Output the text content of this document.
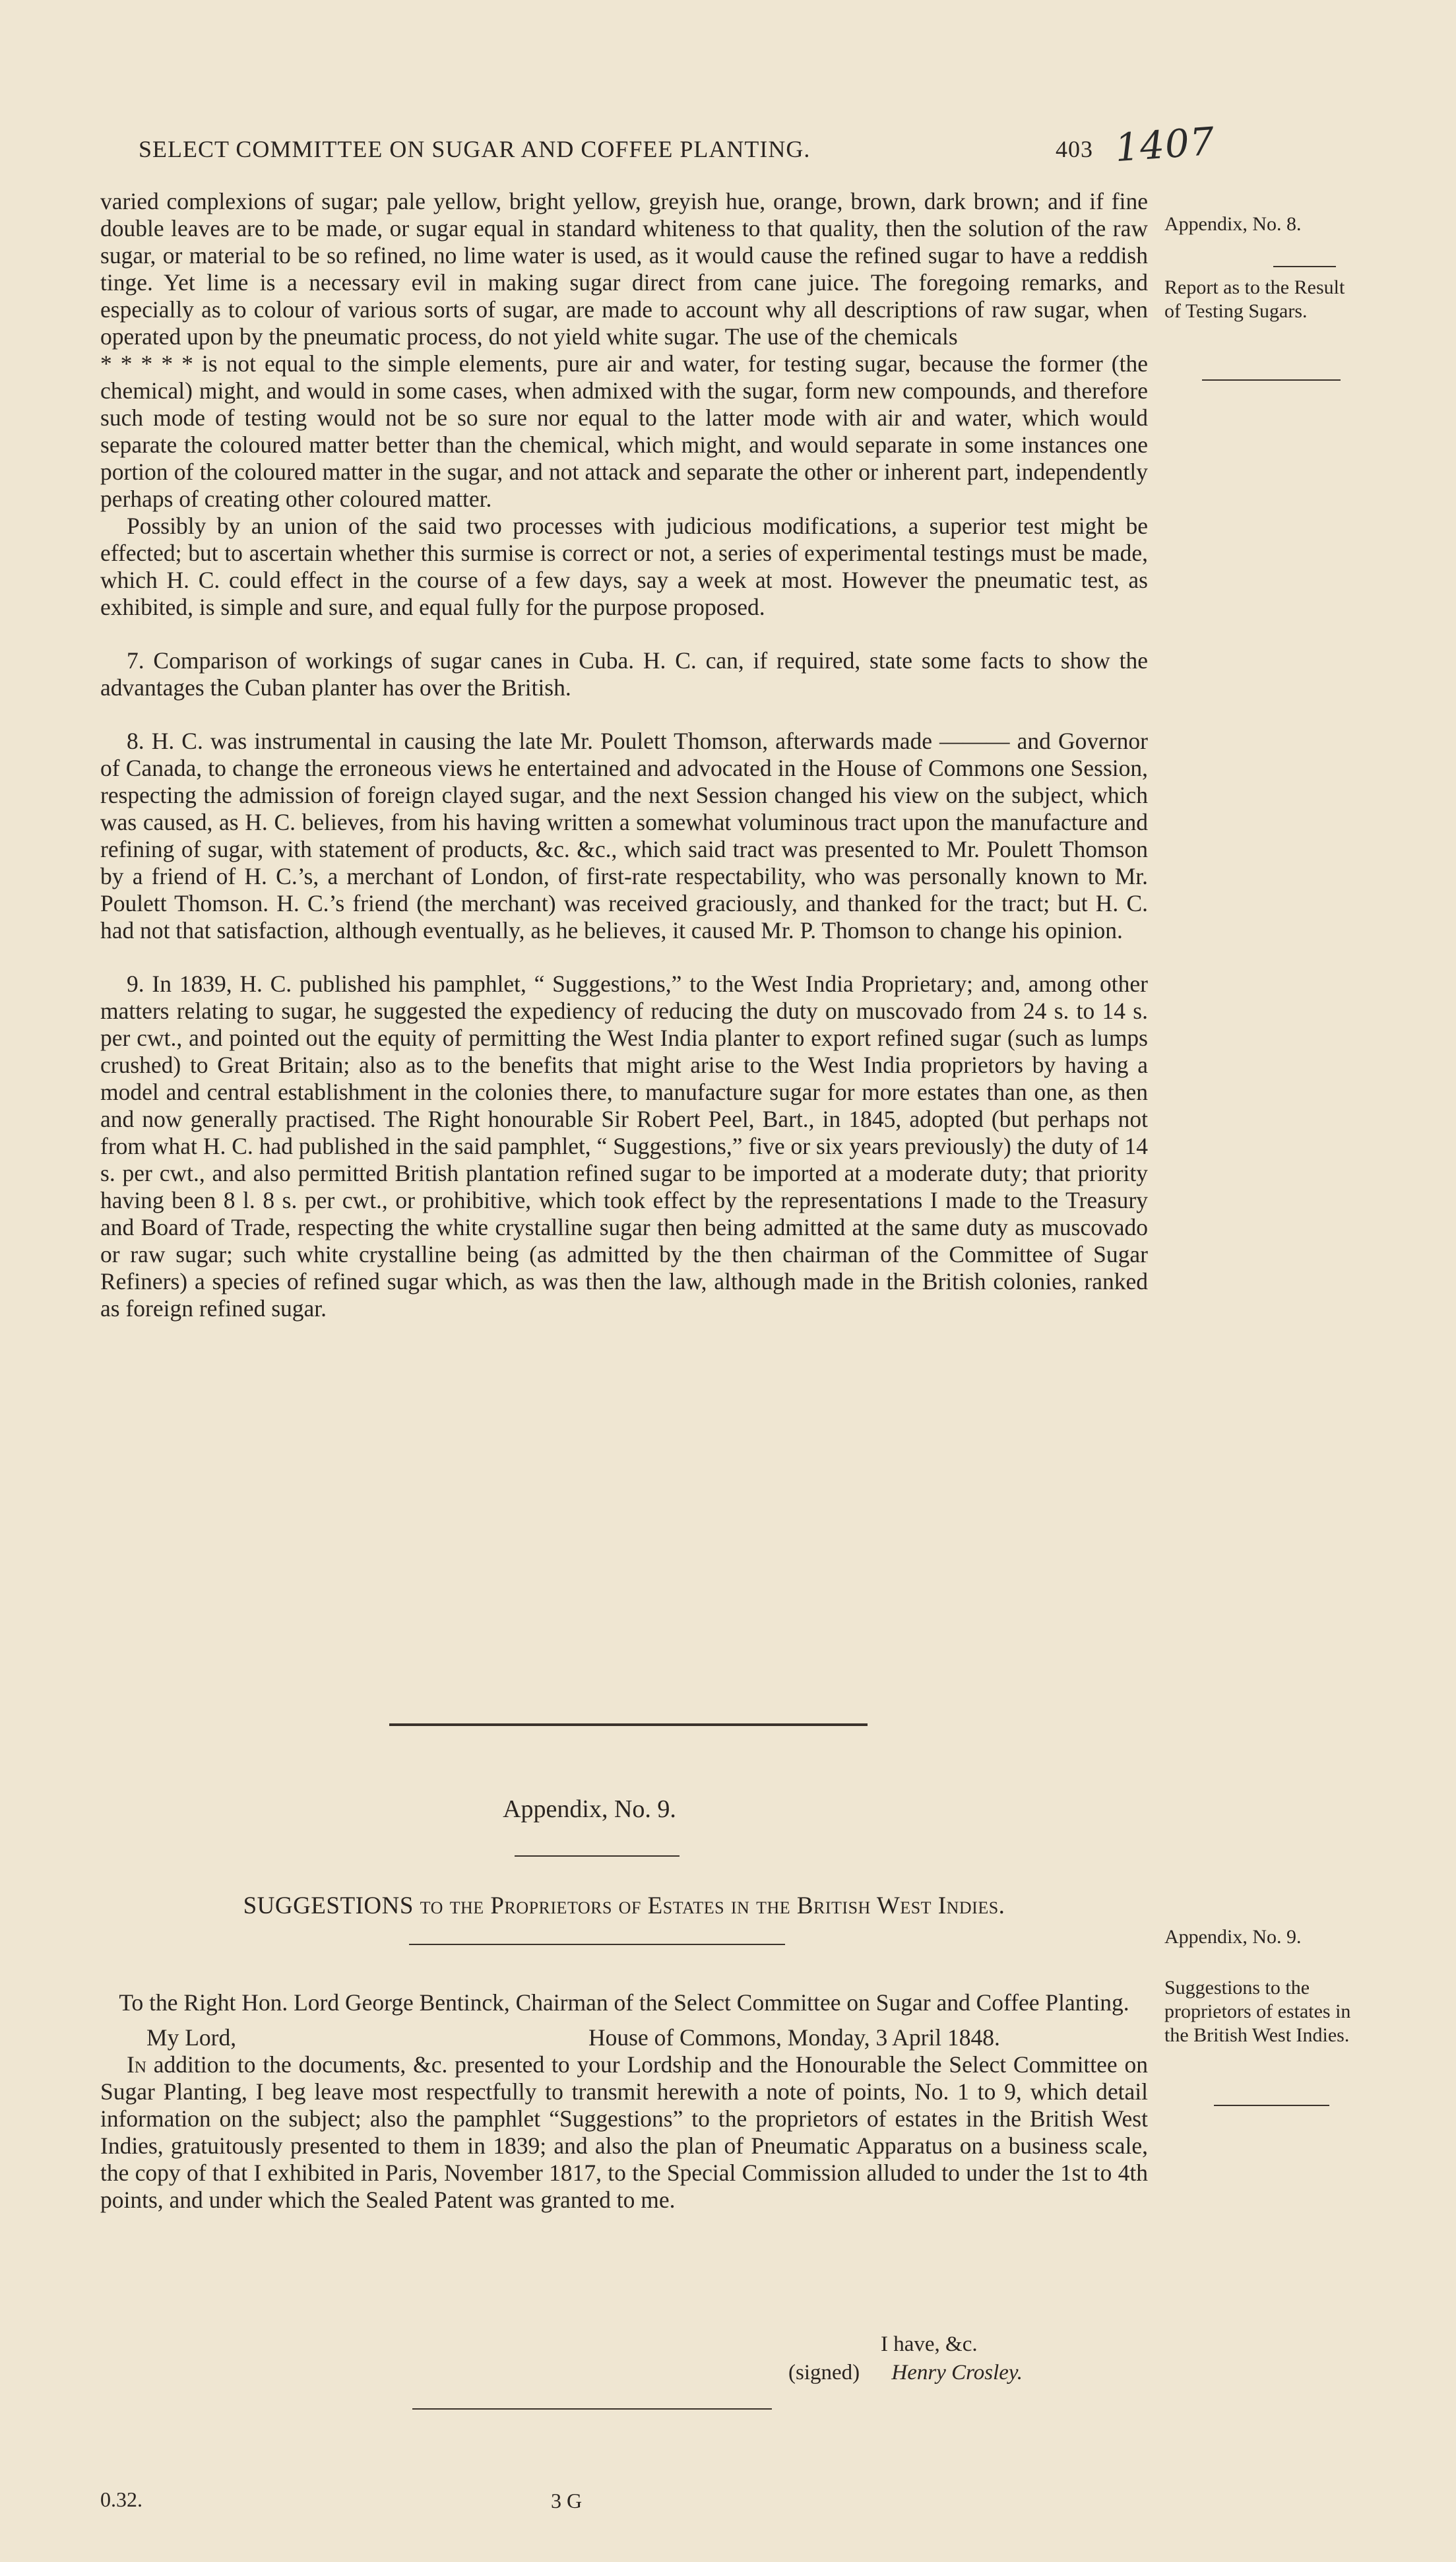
SELECT COMMITTEE ON SUGAR AND COFFEE PLANTING.	403 1407
Appendix, No. 8.
Report as to the Result of Testing Sugars.

varied complexions of sugar; pale yellow, bright yellow, greyish hue, orange, brown, dark brown; and if fine double leaves are to be made, or sugar equal in standard whiteness to that quality, then the solution of the raw sugar, or material to be so refined, no lime water is used, as it would cause the refined sugar to have a reddish tinge. Yet lime is a necessary evil in making sugar direct from cane juice. The foregoing remarks, and especially as to colour of various sorts of sugar, are made to account why all descriptions of raw sugar, when operated upon by the pneumatic process, do not yield white sugar. The use of the chemicals

* * * * * is not equal to the simple elements, pure air and water, for testing sugar, because the former (the chemical) might, and would in some cases, when admixed with the sugar, form new compounds, and therefore such mode of testing would not be so sure nor equal to the latter mode with air and water, which would separate the coloured matter better than the chemical, which might, and would separate in some instances one portion of the coloured matter in the sugar, and not attack and separate the other or inherent part, independently perhaps of creating other coloured matter.

Possibly by an union of the said two processes with judicious modifications, a superior test might be effected; but to ascertain whether this surmise is correct or not, a series of experimental testings must be made, which H. C. could effect in the course of a few days, say a week at most. However the pneumatic test, as exhibited, is simple and sure, and equal fully for the purpose proposed.

7. Comparison of workings of sugar canes in Cuba. H. C. can, if required, state some facts to show the advantages the Cuban planter has over the British.

8. H. C. was instrumental in causing the late Mr. Poulett Thomson, afterwards made ——— and Governor of Canada, to change the erroneous views he entertained and advocated in the House of Commons one Session, respecting the admission of foreign clayed sugar, and the next Session changed his view on the subject, which was caused, as H. C. believes, from his having written a somewhat voluminous tract upon the manufacture and refining of sugar, with statement of products, &c. &c., which said tract was presented to Mr. Poulett Thomson by a friend of H. C.’s, a merchant of London, of first-rate respectability, who was personally known to Mr. Poulett Thomson. H. C.’s friend (the merchant) was received graciously, and thanked for the tract; but H. C. had not that satisfaction, although eventually, as he believes, it caused Mr. P. Thomson to change his opinion.

9. In 1839, H. C. published his pamphlet, “ Suggestions,” to the West India Proprietary; and, among other matters relating to sugar, he suggested the expediency of reducing the duty on muscovado from 24 s. to 14 s. per cwt., and pointed out the equity of permitting the West India planter to export refined sugar (such as lumps crushed) to Great Britain; also as to the benefits that might arise to the West India proprietors by having a model and central establishment in the colonies there, to manufacture sugar for more estates than one, as then and now generally practised. The Right honourable Sir Robert Peel, Bart., in 1845, adopted (but perhaps not from what H. C. had published in the said pamphlet, “ Suggestions,” five or six years previously) the duty of 14 s. per cwt., and also permitted British plantation refined sugar to be imported at a moderate duty; that priority having been 8 l. 8 s. per cwt., or prohibitive, which took effect by the representations I made to the Treasury and Board of Trade, respecting the white crystalline sugar then being admitted at the same duty as muscovado or raw sugar; such white crystalline being (as admitted by the then chairman of the Committee of Sugar Refiners) a species of refined sugar which, as was then the law, although made in the British colonies, ranked as foreign refined sugar.

Appendix, No. 9.
SUGGESTIONS to the Proprietors of Estates in the British West Indies.
Appendix, No. 9.
Suggestions to the proprietors of estates in the British West Indies.
To the Right Hon. Lord George Bentinck, Chairman of the Select Committee on Sugar and Coffee Planting.
My Lord,	House of Commons, Monday, 3 April 1848.

In addition to the documents, &c. presented to your Lordship and the Honourable the Select Committee on Sugar Planting, I beg leave most respectfully to transmit herewith a note of points, No. 1 to 9, which detail information on the subject; also the pamphlet “Suggestions” to the proprietors of estates in the British West Indies, gratuitously presented to them in 1839; and also the plan of Pneumatic Apparatus on a business scale, the copy of that I exhibited in Paris, November 1817, to the Special Commission alluded to under the 1st to 4th points, and under which the Sealed Patent was granted to me.

I have, &c.
(signed) Henry Crosley.
0.32.	3 G
